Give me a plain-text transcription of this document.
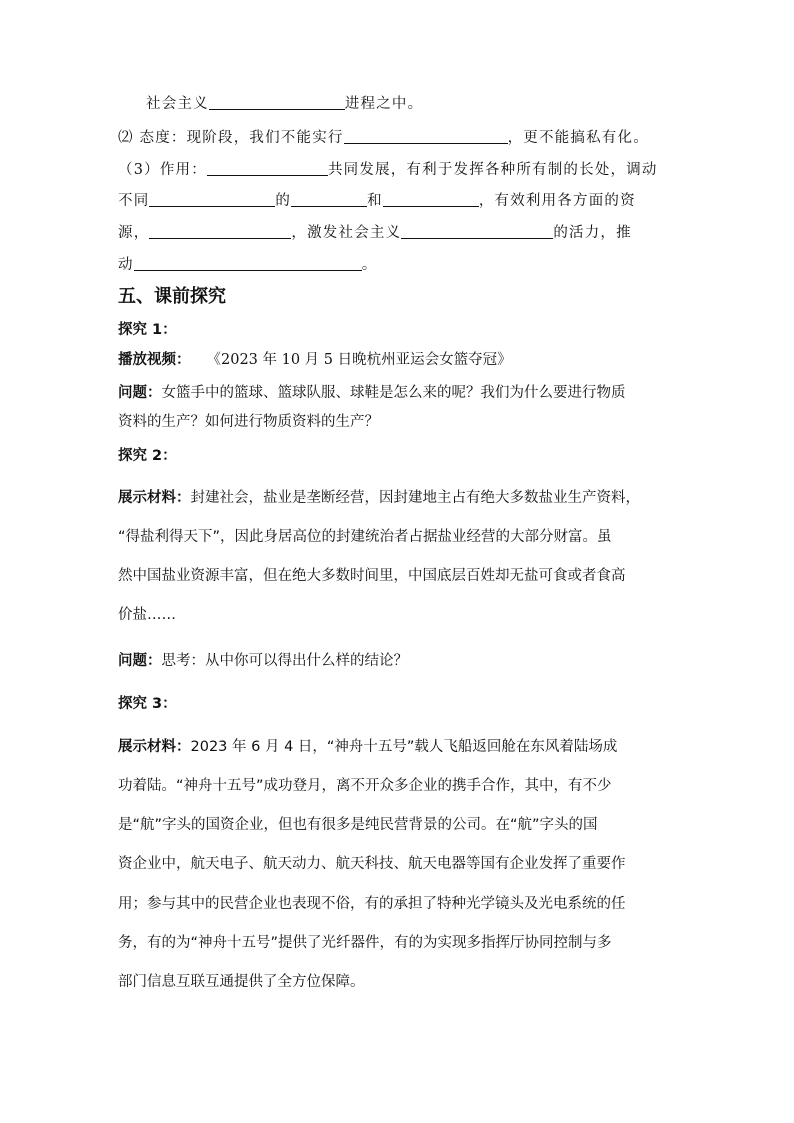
社会主义	进程之中。
⑵ 态度：现阶段，我们不能实行	，更不能搞私有化。
（3）作用：	共同发展，有利于发挥各种所有制的长处，调动
不同	的	和	，有效利用各方面的资
源，	，激发社会主义	的活力，推
动	。
五、课前探究
探究 1：
播放视频： 《2023 年 10 月 5 日晚杭州亚运会女篮夺冠》
问题：女篮手中的篮球、篮球队服、球鞋是怎么来的呢？我们为什么要进行物质
资料的生产？如何进行物质资料的生产？
探究 2：
展示材料：封建社会，盐业是垄断经营，因封建地主占有绝大多数盐业生产资料，
“得盐利得天下”，因此身居高位的封建统治者占据盐业经营的大部分财富。虽
然中国盐业资源丰富，但在绝大多数时间里，中国底层百姓却无盐可食或者食高
价盐……
问题：思考：从中你可以得出什么样的结论？
探究 3：
展示材料：2023 年 6 月 4 日，“神舟十五号”载人飞船返回舱在东风着陆场成
功着陆。“神舟十五号”成功登月，离不开众多企业的携手合作，其中，有不少
是“航”字头的国资企业，但也有很多是纯民营背景的公司。在“航”字头的国
资企业中，航天电子、航天动力、航天科技、航天电器等国有企业发挥了重要作
用；参与其中的民营企业也表现不俗，有的承担了特种光学镜头及光电系统的任
务，有的为“神舟十五号”提供了光纤器件，有的为实现多指挥厅协同控制与多
部门信息互联互通提供了全方位保障。
